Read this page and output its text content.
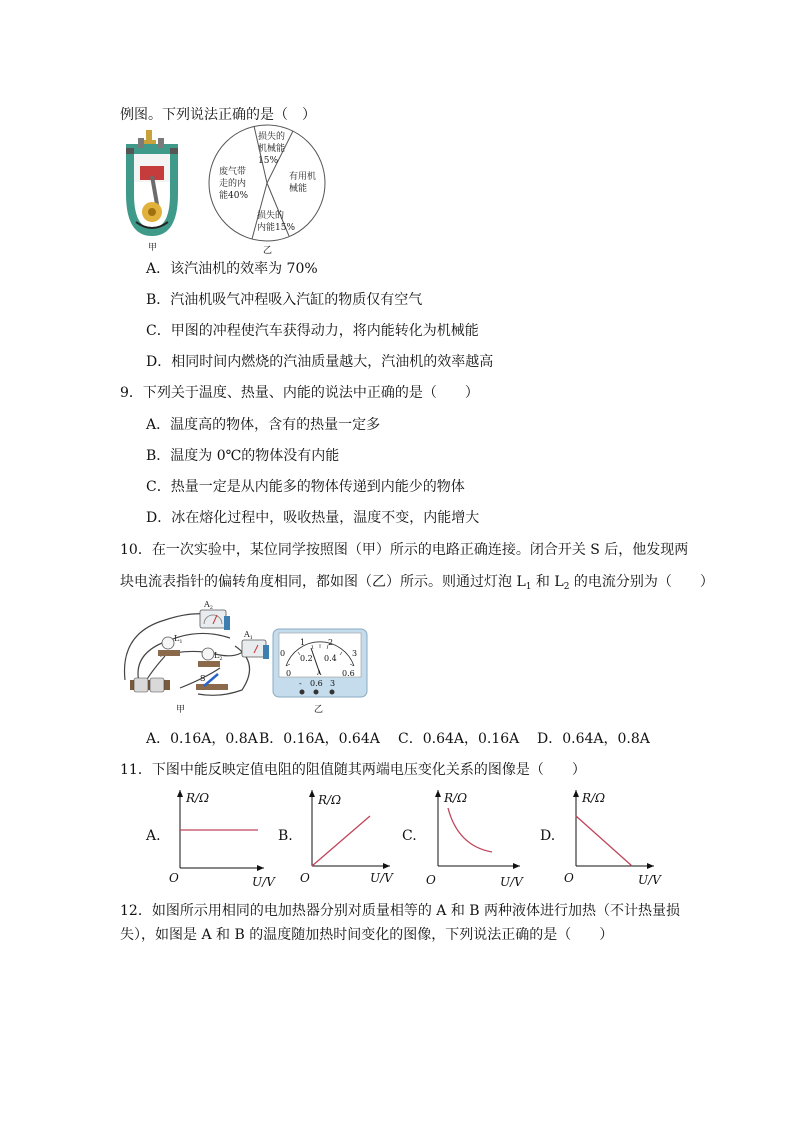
例图。下列说法正确的是（　）
甲
损失的
机械能
15%
废气带
走的内
能40%
有用机
械能
损失的
内能15%
乙
A．该汽油机的效率为 70%
B．汽油机吸气冲程吸入汽缸的物质仅有空气
C．甲图的冲程使汽车获得动力，将内能转化为机械能
D．相同时间内燃烧的汽油质量越大，汽油机的效率越高
9．下列关于温度、热量、内能的说法中正确的是（　　）
A．温度高的物体，含有的热量一定多
B．温度为 0℃的物体没有内能
C．热量一定是从内能多的物体传递到内能少的物体
D．冰在熔化过程中，吸收热量，温度不变，内能增大
10．在一次实验中，某位同学按照图（甲）所示的电路正确连接。闭合开关 S 后，他发现两
块电流表指针的偏转角度相同，都如图（乙）所示。则通过灯泡 $L_1$ 和 $L_2$ 的电流分别为（　　）
$A_2$
$A_1$
$L_1$
$L_2$
S
甲
0
1	2
3
0
0.2 0.4
0.6
A
- 0.6 3
乙
A．0.16A，0.8A B．0.16A，0.64A C．0.64A，0.16A D．0.64A，0.8A
11．下图中能反映定值电阻的阻值随其两端电压变化关系的图像是（　　）
A.	B.	C.	D.
R/Ω
U/V
O
R/Ω
U/V
O
R/Ω
U/V
O
R/Ω
U/V
O
12．如图所示用相同的电加热器分别对质量相等的 A 和 B 两种液体进行加热（不计热量损
失），如图是 A 和 B 的温度随加热时间变化的图像，下列说法正确的是（　　）
